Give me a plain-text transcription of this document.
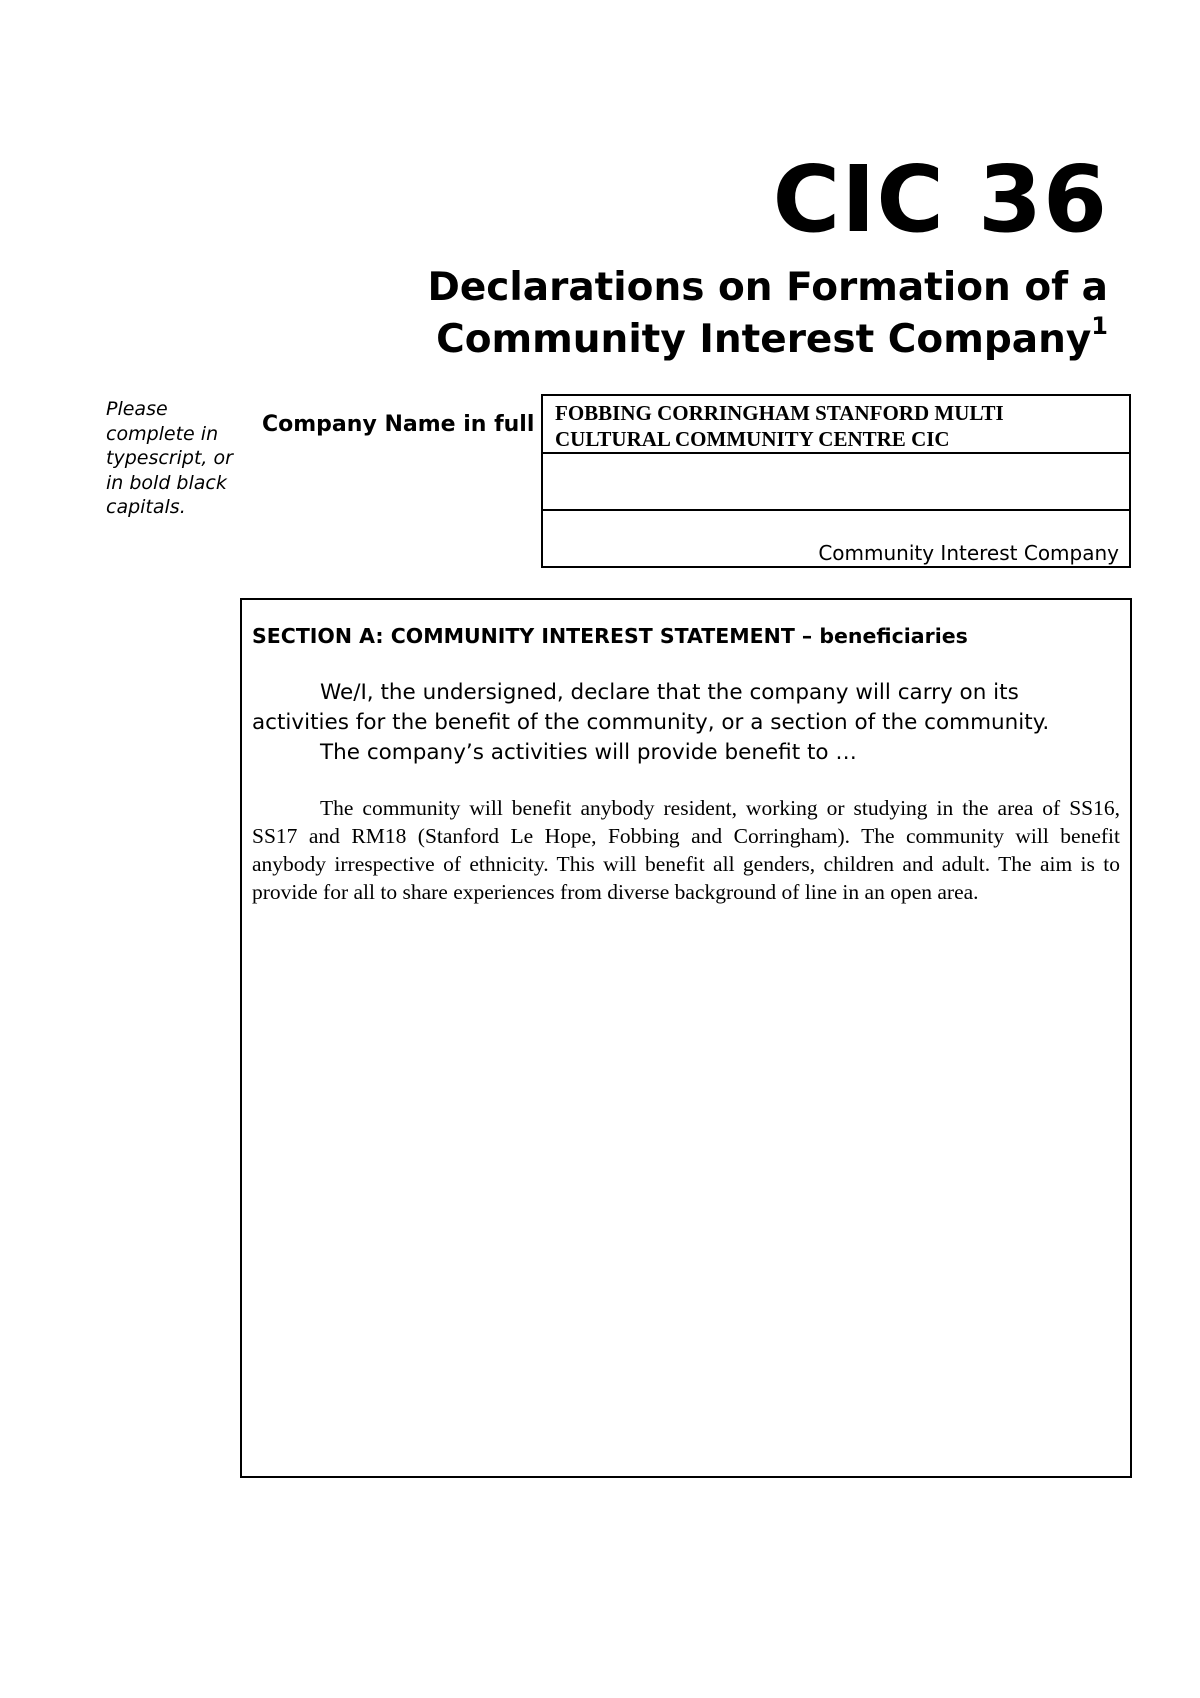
CIC 36
Declarations on Formation of a
Community Interest Company$^1$

Please complete in typescript, or in bold black capitals.

Company Name in full FOBBING CORRINGHAM STANFORD MULTI
CULTURAL COMMUNITY CENTRE CIC
Community Interest Company

SECTION A: COMMUNITY INTEREST STATEMENT – beneficiaries

We/I, the undersigned, declare that the company will carry on its activities for the benefit of the community, or a section of the community.

The company’s activities will provide benefit to …

The community will benefit anybody resident, working or studying in the area of SS16, SS17 and RM18 (Stanford Le Hope, Fobbing and Corringham). The community will benefit anybody irrespective of ethnicity. This will benefit all genders, children and adult. The aim is to provide for all to share experiences from diverse background of line in an open area.
